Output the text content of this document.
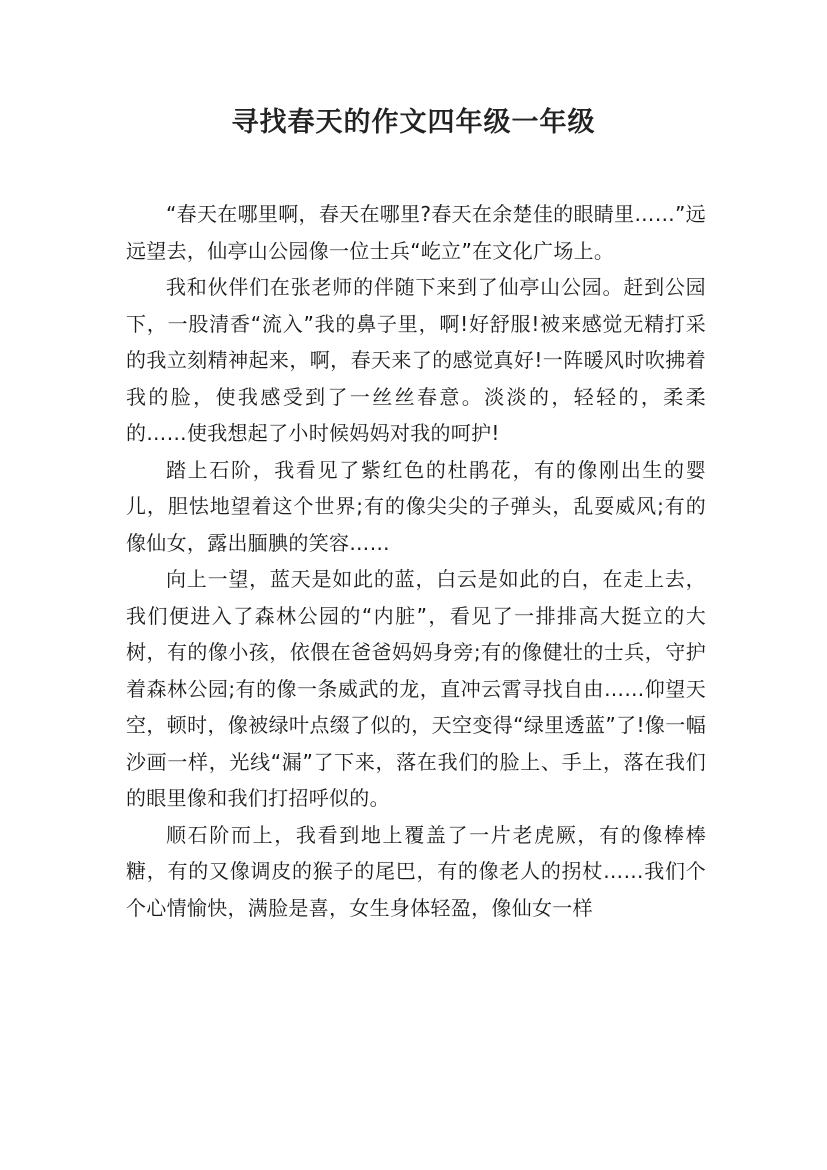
寻找春天的作文四年级一年级

“春天在哪里啊，春天在哪里?春天在余楚佳的眼睛里……”远远望去，仙亭山公园像一位士兵“屹立”在文化广场上。

我和伙伴们在张老师的伴随下来到了仙亭山公园。赶到公园下，一股清香“流入”我的鼻子里，啊!好舒服!被来感觉无精打采的我立刻精神起来，啊，春天来了的感觉真好!一阵暖风时吹拂着我的脸，使我感受到了一丝丝春意。淡淡的，轻轻的，柔柔的……使我想起了小时候妈妈对我的呵护!

踏上石阶，我看见了紫红色的杜鹃花，有的像刚出生的婴儿，胆怯地望着这个世界;有的像尖尖的子弹头，乱耍威风;有的像仙女，露出腼腆的笑容……

向上一望，蓝天是如此的蓝，白云是如此的白，在走上去，我们便进入了森林公园的“内脏”，看见了一排排高大挺立的大树，有的像小孩，依偎在爸爸妈妈身旁;有的像健壮的士兵，守护着森林公园;有的像一条威武的龙，直冲云霄寻找自由……仰望天空，顿时，像被绿叶点缀了似的，天空变得“绿里透蓝”了!像一幅沙画一样，光线“漏”了下来，落在我们的脸上、手上，落在我们的眼里像和我们打招呼似的。

顺石阶而上，我看到地上覆盖了一片老虎厥，有的像棒棒糖，有的又像调皮的猴子的尾巴，有的像老人的拐杖……我们个个心情愉快，满脸是喜，女生身体轻盈，像仙女一样
